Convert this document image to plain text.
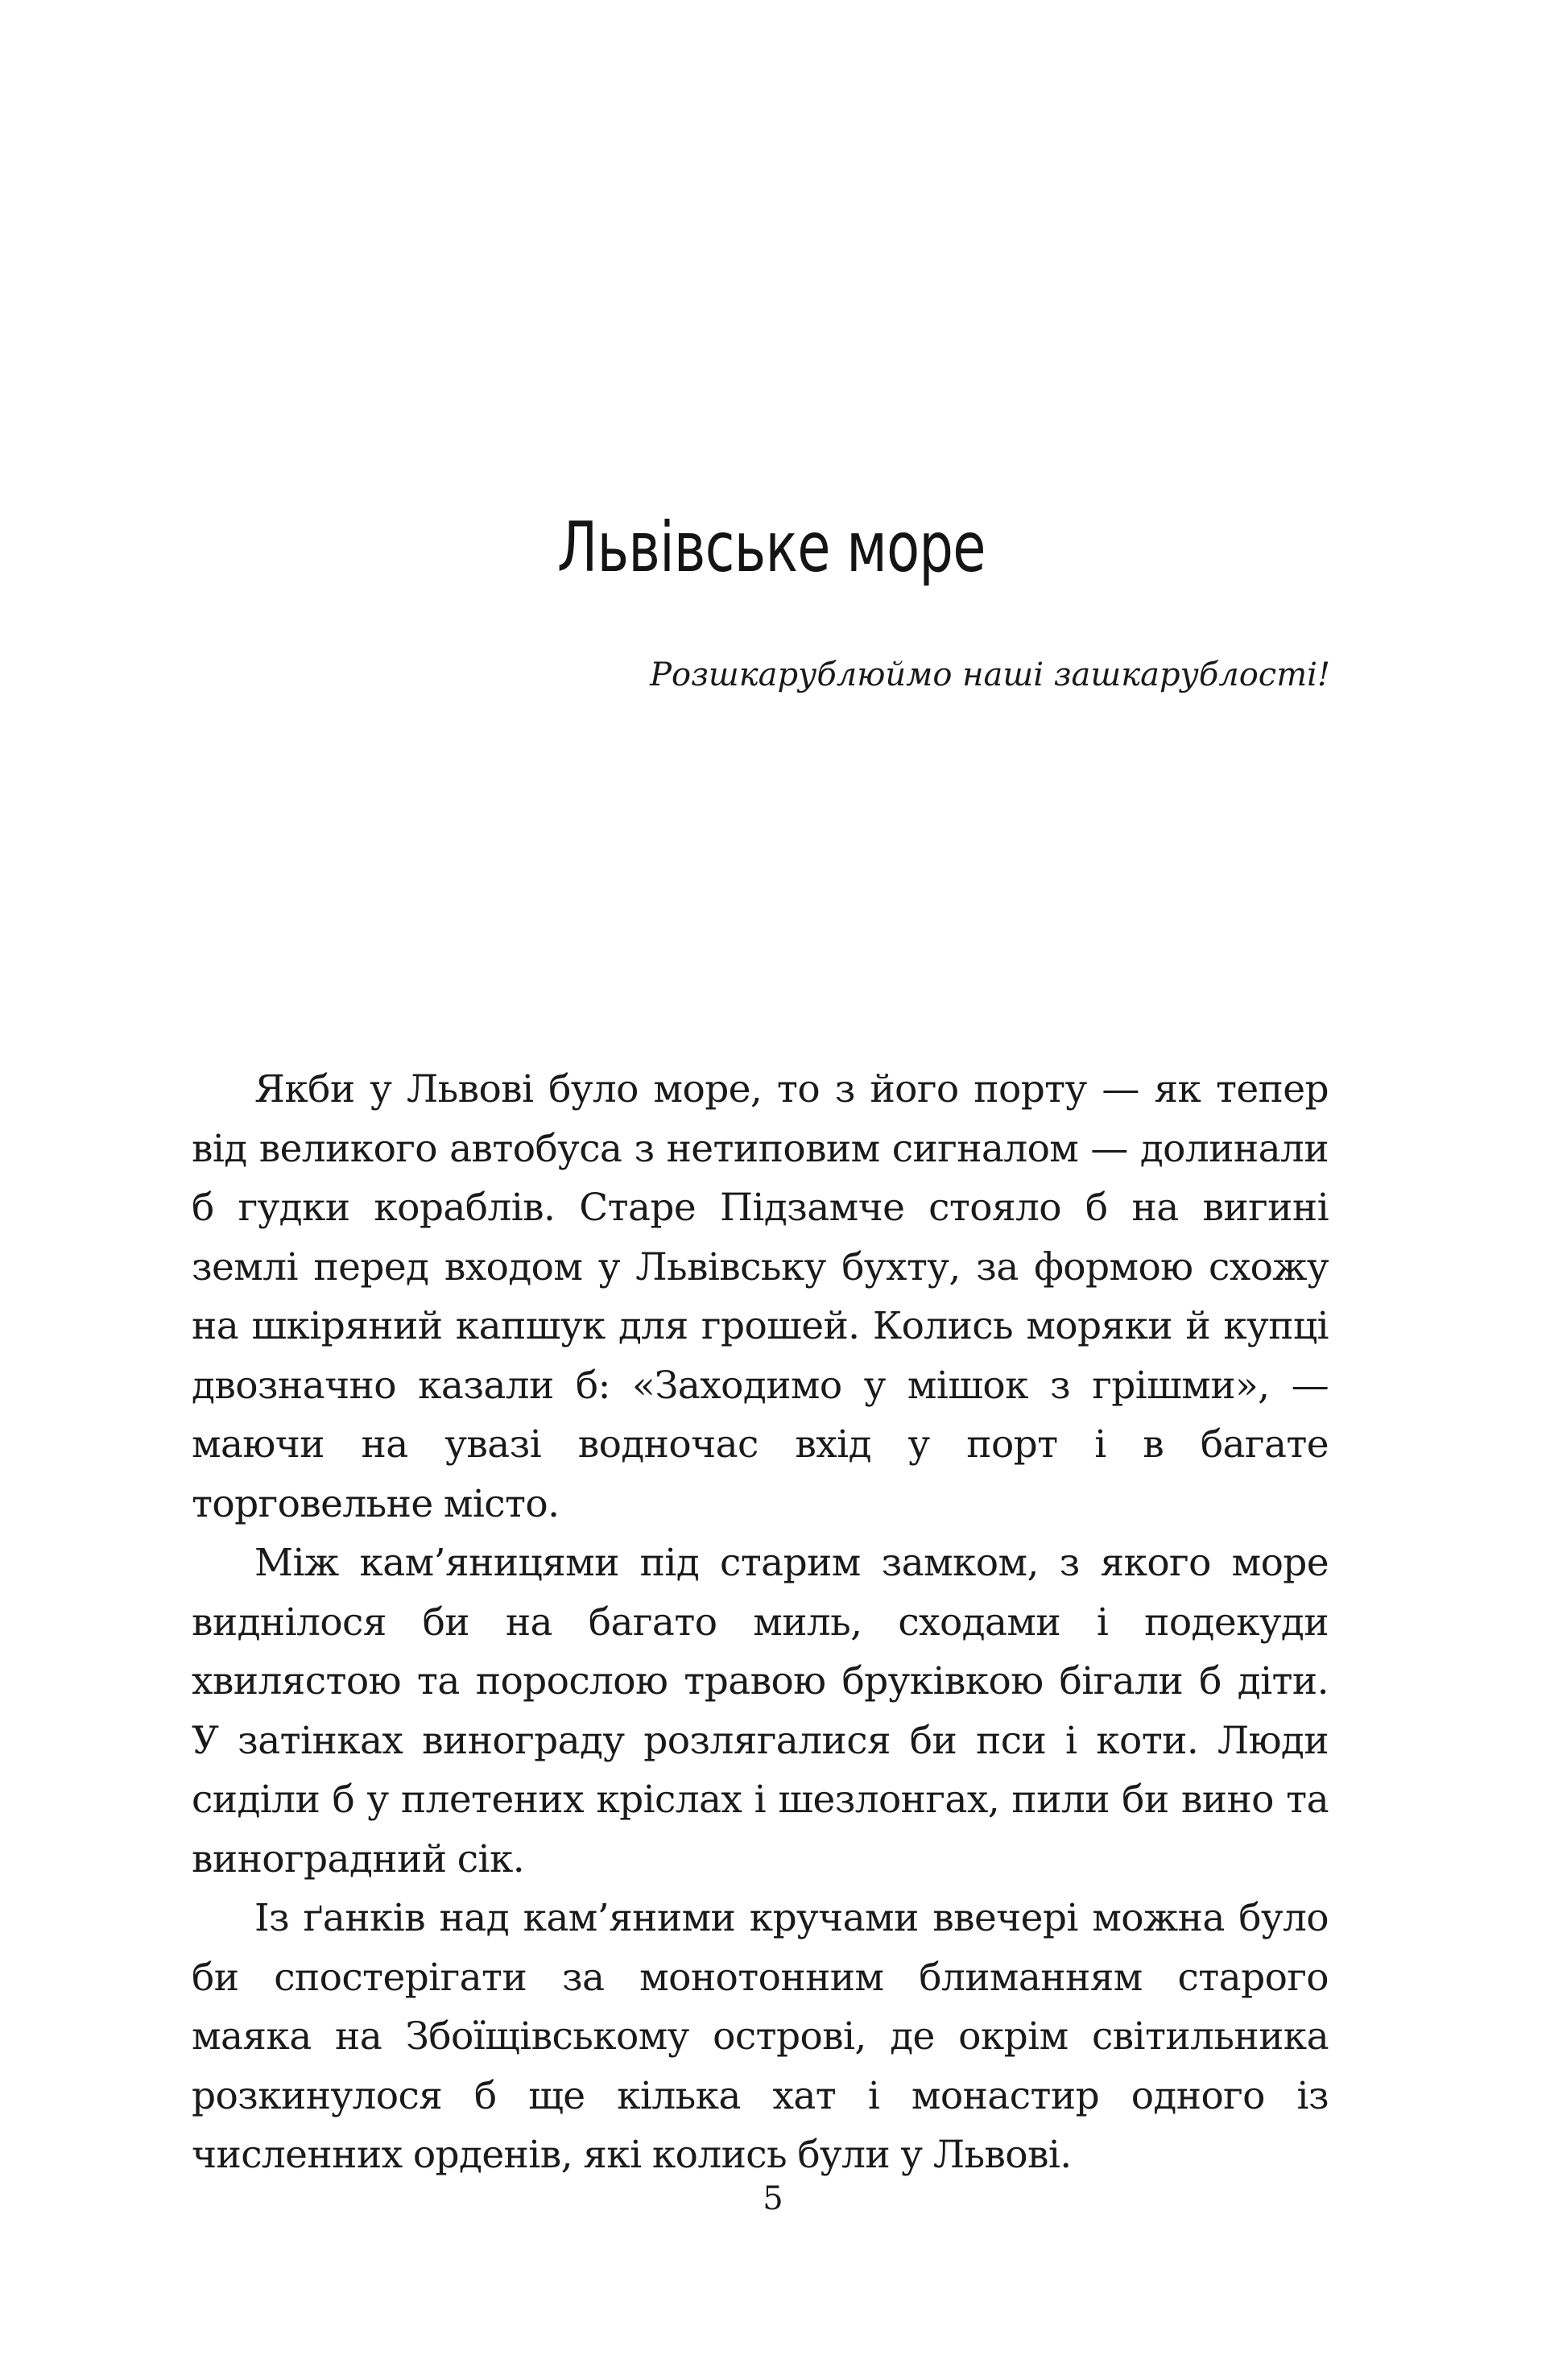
Львівське море

Розшкарублюймо наші зашкарублості!

Якби у Львові було море, то з його порту — як тепер від великого автобуса з нетиповим сигналом — долинали б гудки кораблів. Старе Підзамче стояло б на вигині землі перед входом у Львівську бухту, за формою схожу на шкіряний капшук для грошей. Колись моряки й купці двозначно казали б: «Заходимо у мішок з грішми», — маючи на увазі водночас вхід у порт і в багате торговельне місто.

Між кам’яницями під старим замком, з якого море виднілося би на багато миль, сходами і подекуди хвилястою та порослою травою бруківкою бігали б діти. У затінках винограду розлягалися би пси і коти. Люди сиділи б у плетених кріслах і шезлонгах, пили би вино та виноградний сік.

Із ґанків над кам’яними кручами ввечері можна було би спостерігати за монотонним блиманням старого маяка на Збоїщівському острові, де окрім світильника розкинулося б ще кілька хат і монастир одного із численних орденів, які колись були у Львові.

5
